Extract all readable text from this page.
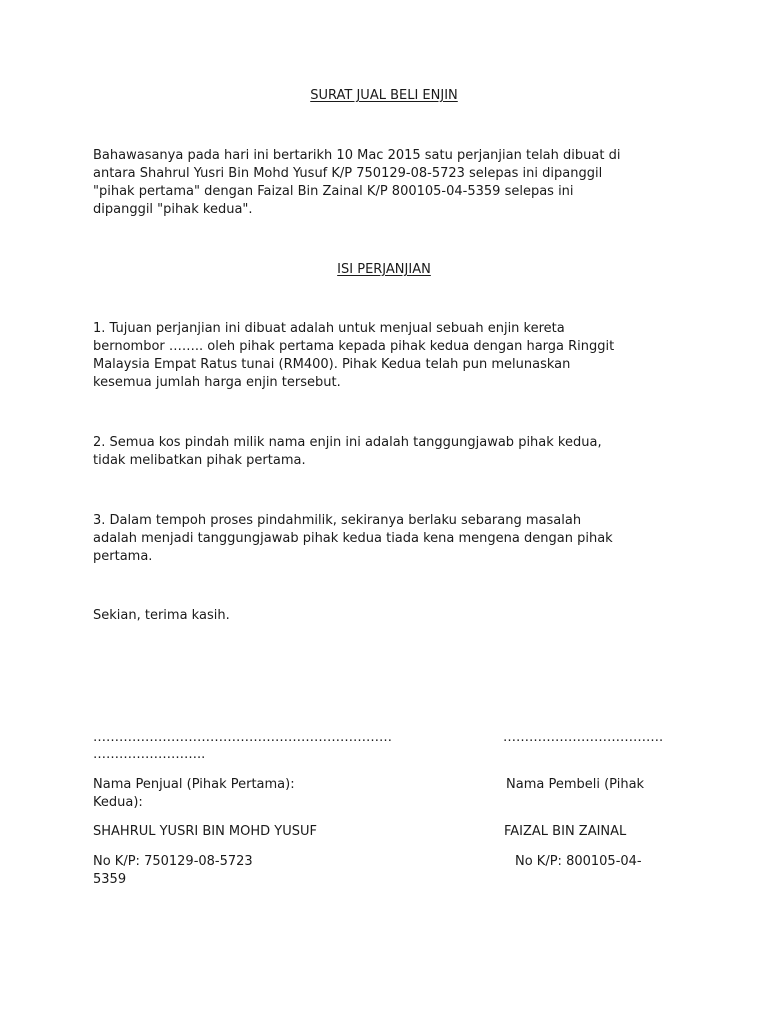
SURAT JUAL BELI ENJIN
Bahawasanya pada hari ini bertarikh 10 Mac 2015 satu perjanjian telah dibuat di
antara Shahrul Yusri Bin Mohd Yusuf K/P 750129-08-5723 selepas ini dipanggil
"pihak pertama" dengan Faizal Bin Zainal K/P 800105-04-5359 selepas ini
dipanggil "pihak kedua".
ISI PERJANJIAN
1. Tujuan perjanjian ini dibuat adalah untuk menjual sebuah enjin kereta
bernombor …….. oleh pihak pertama kepada pihak kedua dengan harga Ringgit
Malaysia Empat Ratus tunai (RM400). Pihak Kedua telah pun melunaskan
kesemua jumlah harga enjin tersebut.
2. Semua kos pindah milik nama enjin ini adalah tanggungjawab pihak kedua,
tidak melibatkan pihak pertama.
3. Dalam tempoh proses pindahmilik, sekiranya berlaku sebarang masalah
adalah menjadi tanggungjawab pihak kedua tiada kena mengena dengan pihak
pertama.
Sekian, terima kasih.
……………………………………………………………	……………………………….
……………………..
Nama Penjual (Pihak Pertama):	Nama Pembeli (Pihak
Kedua):
SHAHRUL YUSRI BIN MOHD YUSUF	FAIZAL BIN ZAINAL
No K/P: 750129-08-5723	No K/P: 800105-04-
5359
